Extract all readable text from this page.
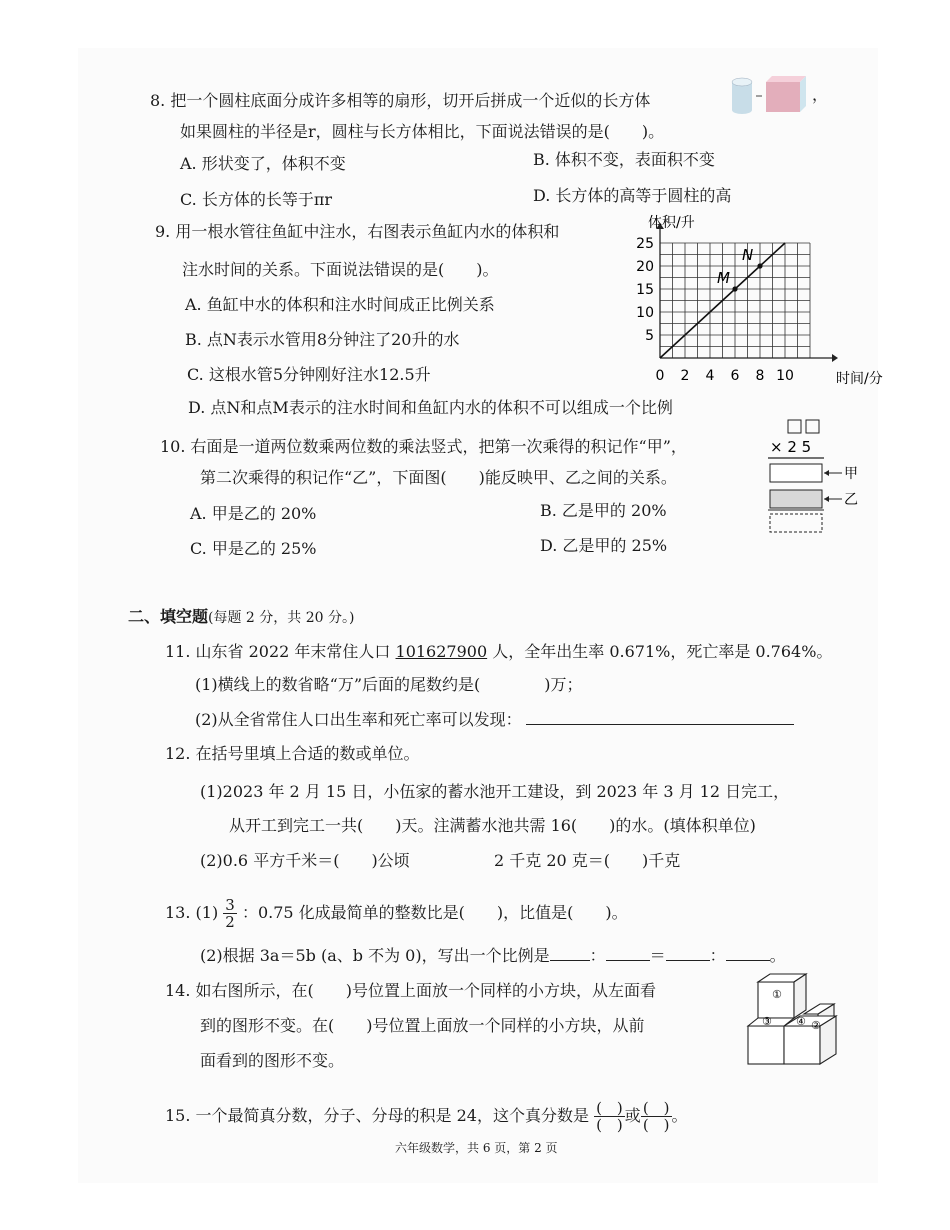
8. 把一个圆柱底面分成许多相等的扇形，切开后拼成一个近似的长方体	，
如果圆柱的半径是r，圆柱与长方体相比，下面说法错误的是(　　)。
A. 形状变了，体积不变	B. 体积不变，表面积不变
C. 长方体的长等于πr	D. 长方体的高等于圆柱的高
9. 用一根水管往鱼缸中注水，右图表示鱼缸内水的体积和
注水时间的关系。下面说法错误的是(　　)。
A. 鱼缸中水的体积和注水时间成正比例关系
B. 点N表示水管用8分钟注了20升的水
C. 这根水管5分钟刚好注水12.5升
D. 点N和点M表示的注水时间和鱼缸内水的体积不可以组成一个比例
体积/升
时间/分
0 2 4 6 8 10
5
10
15
20
25
M
N
10. 右面是一道两位数乘两位数的乘法竖式，把第一次乘得的积记作“甲”，
第二次乘得的积记作“乙”，下面图(　　)能反映甲、乙之间的关系。
A. 甲是乙的 20%	B. 乙是甲的 20%
C. 甲是乙的 25%	D. 乙是甲的 25%
× 2 5
甲
乙
二、填空题(每题 2 分，共 20 分。)
11. 山东省 2022 年末常住人口 101627900 人，全年出生率 0.671%，死亡率是 0.764%。
(1)横线上的数省略“万”后面的尾数约是(　　　　)万；
(2)从全省常住人口出生率和死亡率可以发现：
12. 在括号里填上合适的数或单位。
(1)2023 年 2 月 15 日，小伍家的蓄水池开工建设，到 2023 年 3 月 12 日完工，
从开工到完工一共(　　)天。注满蓄水池共需 16(　　)的水。(填体积单位)
(2)0.6 平方千米＝(　　)公顷	2 千克 20 克＝(　　)千克
13. $(1) \frac{3}{2}$ ：0.75 化成最简单的整数比是(　　)，比值是(　　)。
(2)根据 3a＝5b (a、b 不为 0)，写出一个比例是	：	＝	：	。
14. 如右图所示，在(　　)号位置上面放一个同样的小方块，从左面看
到的图形不变。在(　　)号位置上面放一个同样的小方块，从前
面看到的图形不变。
①
②
③ ④
15. 一个最简真分数，分子、分母的积是 24，这个真分数是 $\frac{( )}{( )}$ 或 $\frac{( )}{( )}$ 。
六年级数学，共 6 页，第 2 页
